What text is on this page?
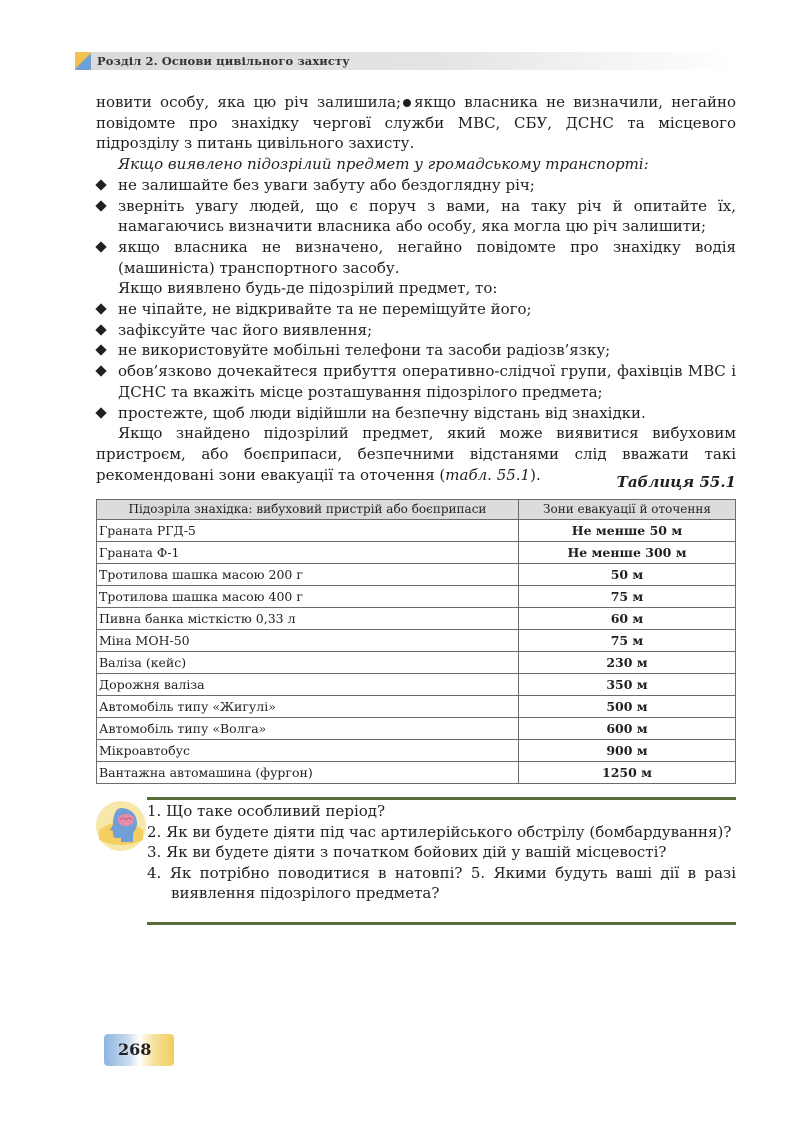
Розділ 2. Основи цивільного захисту

новити особу, яка цю річ залишила; якщо власника не визначили, негайно повідомте про знахідку черговї служби МВС, СБУ, ДСНС та місцевого підрозділу з питань цивільного захисту.

Якщо виявлено підозрілий предмет у громадському транспорті:

не залишайте без уваги забуту або бездоглядну річ;
зверніть увагу людей, що є поруч з вами, на таку річ й опитайте їх, намагаючись визначити власника або особу, яка могла цю річ залишити;
якщо власника не визначено, негайно повідомте про знахідку водія (машиніста) транспортного засобу.

Якщо виявлено будь-де підозрілий предмет, то:

не чіпайте, не відкривайте та не переміщуйте його;
зафіксуйте час його виявлення;
не використовуйте мобільні телефони та засоби радіозв’язку;
обов’язково дочекайтеся прибуття оперативно-слідчої групи, фахівців МВС і ДСНС та вкажіть місце розташування підозрілого предмета;
простежте, щоб люди відійшли на безпечну відстань від знахідки.

Якщо знайдено підозрілий предмет, який може виявитися вибуховим пристроєм, або боєприпаси, безпечними відстанями слід вважати такі рекомендовані зони евакуації та оточення (табл. 55.1).	Таблиця 55.1
Підозріла знахідка: вибуховий пристрій або боєприпаси	Зони евакуації й оточення
Граната РГД-5	Не менше 50 м
Граната Ф-1	Не менше 300 м
Тротилова шашка масою 200 г	50 м
Тротилова шашка масою 400 г	75 м
Пивна банка місткістю 0,33 л	60 м
Міна МОН-50	75 м
Валіза (кейс)	230 м
Дорожня валіза	350 м
Автомобіль типу «Жигулі»	500 м
Автомобіль типу «Волга»	600 м
Мікроавтобус	900 м
Вантажна автомашина (фургон)	1250 м

1. Що таке особливий період?

2. Як ви будете діяти під час артилерійського обстрілу (бомбардування)?

3. Як ви будете діяти з початком бойових дій у вашій місцевості?

4. Як потрібно поводитися в натовпі? 5. Якими будуть ваші дії в разі виявлення підозрілого предмета?

268
